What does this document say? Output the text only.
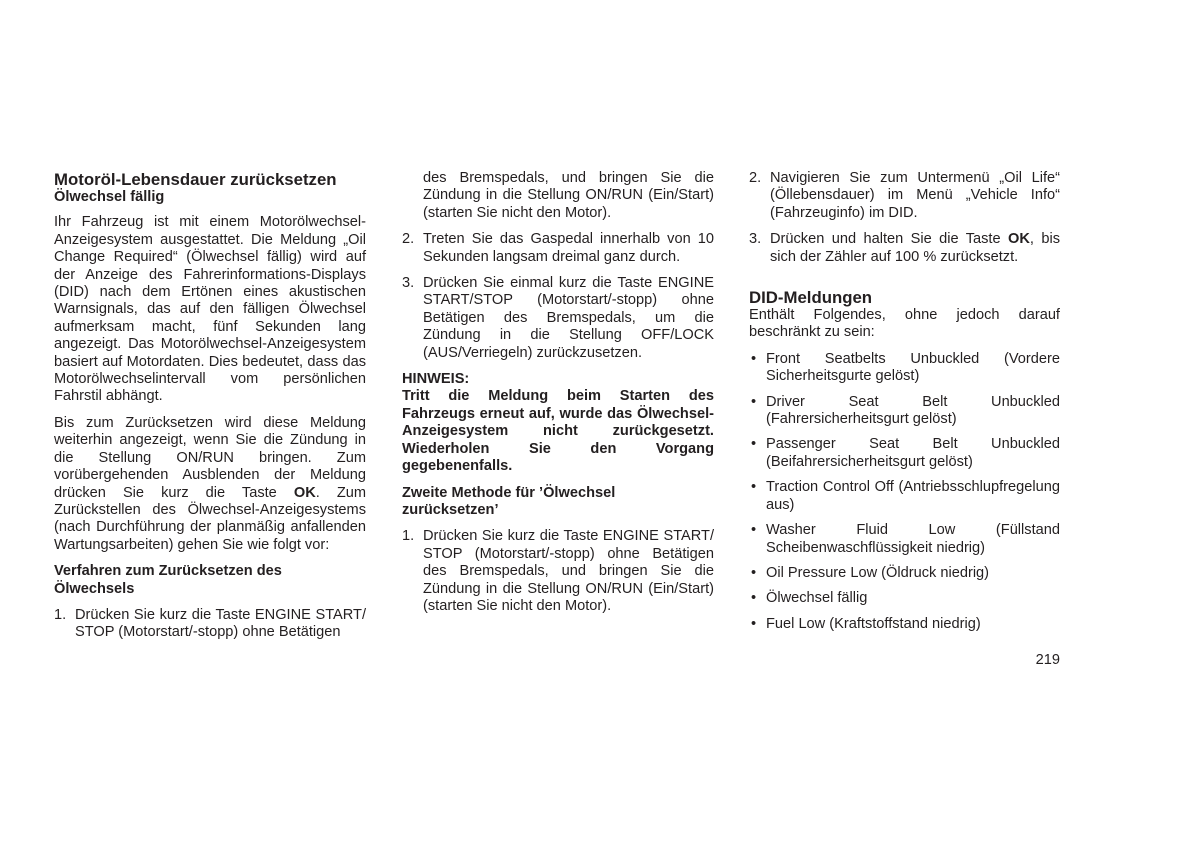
Motoröl-Lebensdauer zurücksetzen
Ölwechsel fällig

Ihr Fahrzeug ist mit einem Motorölwechsel-Anzeigesystem ausgestattet. Die Meldung „Oil Change Required“ (Ölwechsel fällig) wird auf der Anzeige des Fahrerinformations-Displays (DID) nach dem Ertönen eines akustischen Warnsignals, das auf den fälligen Ölwechsel aufmerksam macht, fünf Sekunden lang angezeigt. Das Motorölwechsel-Anzeigesystem basiert auf Motordaten. Dies bedeutet, dass das Motorölwechselintervall vom persönlichen Fahrstil abhängt.

Bis zum Zurücksetzen wird diese Meldung weiterhin angezeigt, wenn Sie die Zündung in die Stellung ON/RUN bringen. Zum vorübergehenden Ausblenden der Meldung drücken Sie kurz die Taste OK. Zum Zurückstellen des Ölwechsel-Anzeigesystems (nach Durchführung der planmäßig anfallenden Wartungsarbeiten) gehen Sie wie folgt vor:

Verfahren zum Zurücksetzen des Ölwechsels

1. Drücken Sie kurz die Taste ENGINE START/ STOP (Motorstart/-stopp) ohne Betätigen

des Bremspedals, und bringen Sie die Zündung in die Stellung ON/RUN (Ein/Start) (starten Sie nicht den Motor).

2. Treten Sie das Gaspedal innerhalb von 10 Sekunden langsam dreimal ganz durch.
3. Drücken Sie einmal kurz die Taste ENGINE START/STOP (Motorstart/-stopp) ohne Betätigen des Bremspedals, um die Zündung in die Stellung OFF/LOCK (AUS/Verriegeln) zurückzusetzen.

HINWEIS:

Tritt die Meldung beim Starten des Fahrzeugs erneut auf, wurde das Ölwechsel-Anzeigesystem nicht zurückgesetzt. Wiederholen Sie den Vorgang gegebenenfalls.

Zweite Methode für ’Ölwechsel zurücksetzen’

1. Drücken Sie kurz die Taste ENGINE START/ STOP (Motorstart/-stopp) ohne Betätigen des Bremspedals, und bringen Sie die Zündung in die Stellung ON/RUN (Ein/Start) (starten Sie nicht den Motor).
2. Navigieren Sie zum Untermenü „Oil Life“ (Öllebensdauer) im Menü „Vehicle Info“ (Fahrzeuginfo) im DID.
3. Drücken und halten Sie die Taste OK, bis sich der Zähler auf 100 % zurücksetzt.
DID-Meldungen

Enthält Folgendes, ohne jedoch darauf beschränkt zu sein:

• Front Seatbelts Unbuckled (Vordere Sicherheitsgurte gelöst)
• Driver Seat Belt Unbuckled (Fahrersicherheitsgurt gelöst)
• Passenger Seat Belt Unbuckled (Beifahrersicherheitsgurt gelöst)
• Traction Control Off (Antriebsschlupfregelung aus)
• Washer Fluid Low (Füllstand Scheibenwaschflüssigkeit niedrig)
• Oil Pressure Low (Öldruck niedrig)
• Ölwechsel fällig
• Fuel Low (Kraftstoffstand niedrig)
219
